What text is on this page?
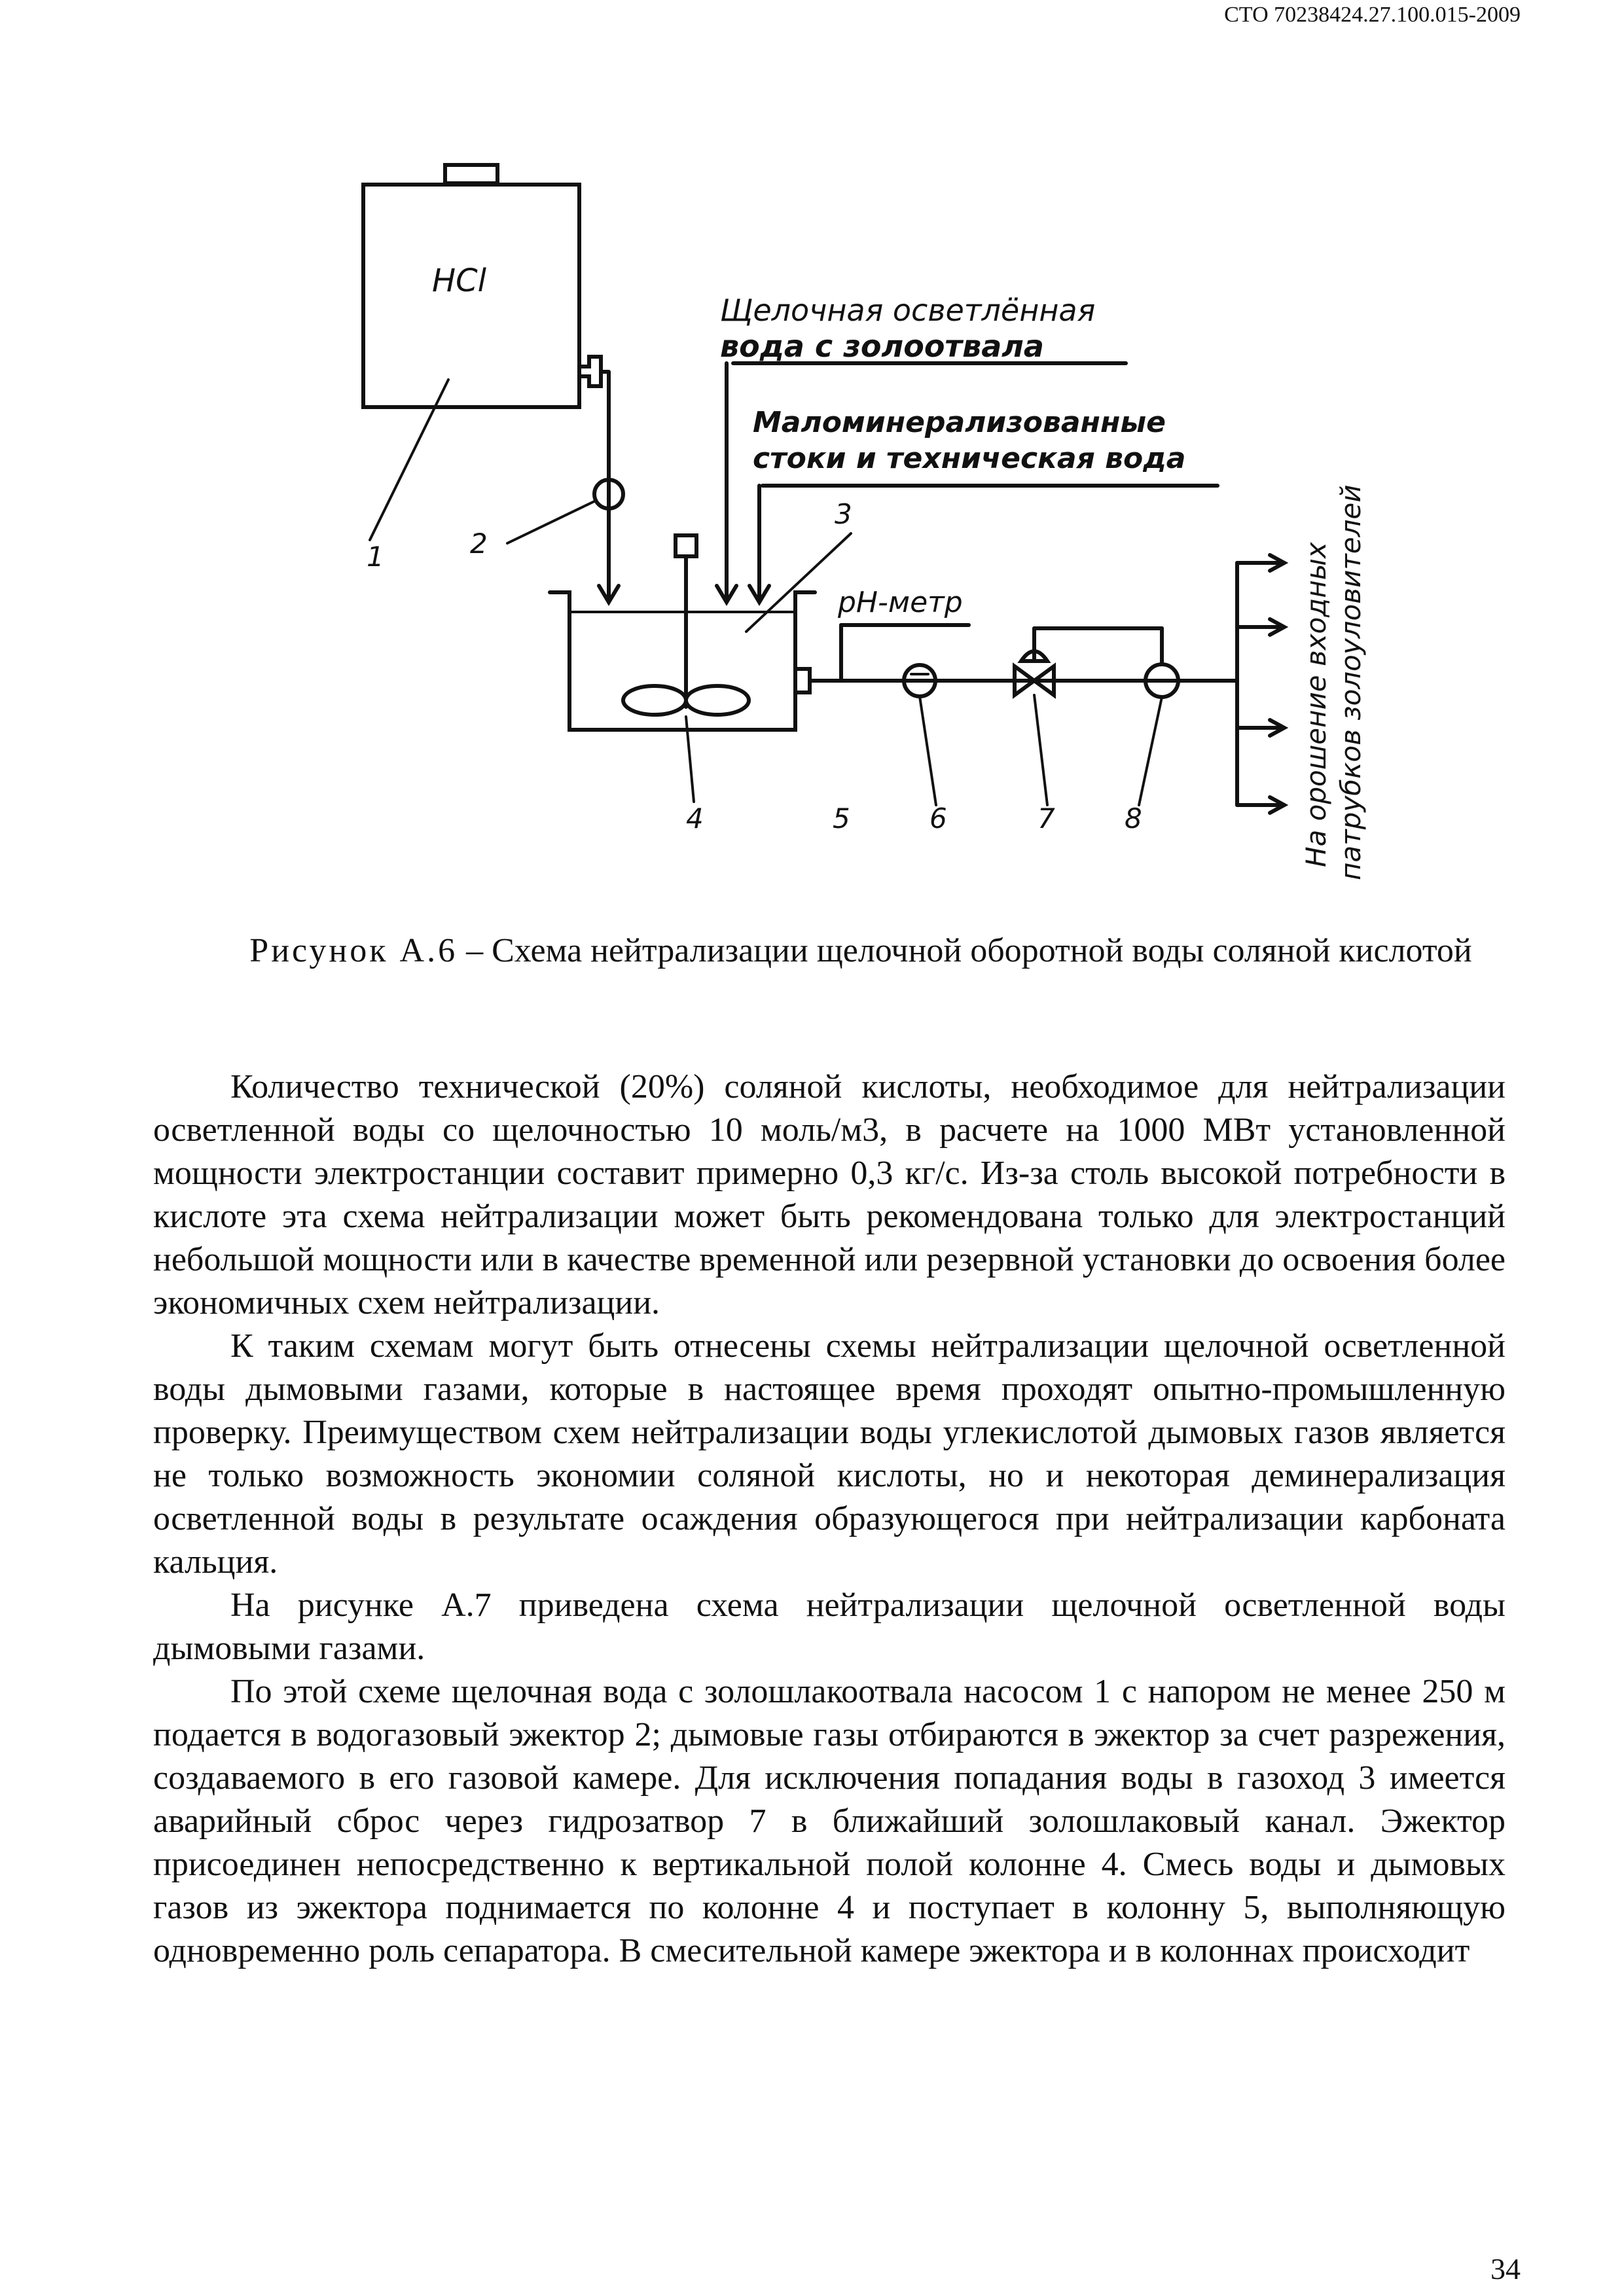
СТО 70238424.27.100.015-2009
НСl
Щелочная осветлённая
вода с золоотвала
Маломинерализованные
стоки и техническая вода
рН-метр	На орошение входных патрубков золоуловителей
1	2
3
4	5	6	7	8
Рисунок А.6 – Схема нейтрализации щелочной оборотной воды соляной кислотой

Количество технической (20%) соляной кислоты, необходимое для нейтрализации осветленной воды со щелочностью 10 моль/м3, в расчете на 1000 МВт установленной мощности электростанции составит примерно 0,3 кг/с. Из-за столь высокой потребности в кислоте эта схема нейтрализации может быть рекомендована только для электростанций небольшой мощности или в качестве временной или резервной установки до освоения более экономичных схем нейтрализации.

К таким схемам могут быть отнесены схемы нейтрализации щелочной осветленной воды дымовыми газами, которые в настоящее время проходят опытно-промышленную проверку. Преимуществом схем нейтрализации воды углекислотой дымовых газов является не только возможность экономии соляной кислоты, но и некоторая деминерализация осветленной воды в результате осаждения образующегося при нейтрализации карбоната кальция.

На рисунке А.7 приведена схема нейтрализации щелочной осветленной воды дымовыми газами.

По этой схеме щелочная вода с золошлакоотвала насосом 1 с напором не менее 250 м подается в водогазовый эжектор 2; дымовые газы отбираются в эжектор за счет разрежения, создаваемого в его газовой камере. Для исключения попадания воды в газоход 3 имеется аварийный сброс через гидрозатвор 7 в ближайший золошлаковый канал. Эжектор присоединен непосредственно к вертикальной полой колонне 4. Смесь воды и дымовых газов из эжектора поднимается по колонне 4 и поступает в колонну 5, выполняющую одновременно роль сепаратора. В смесительной камере эжектора и в колоннах происходит

34
